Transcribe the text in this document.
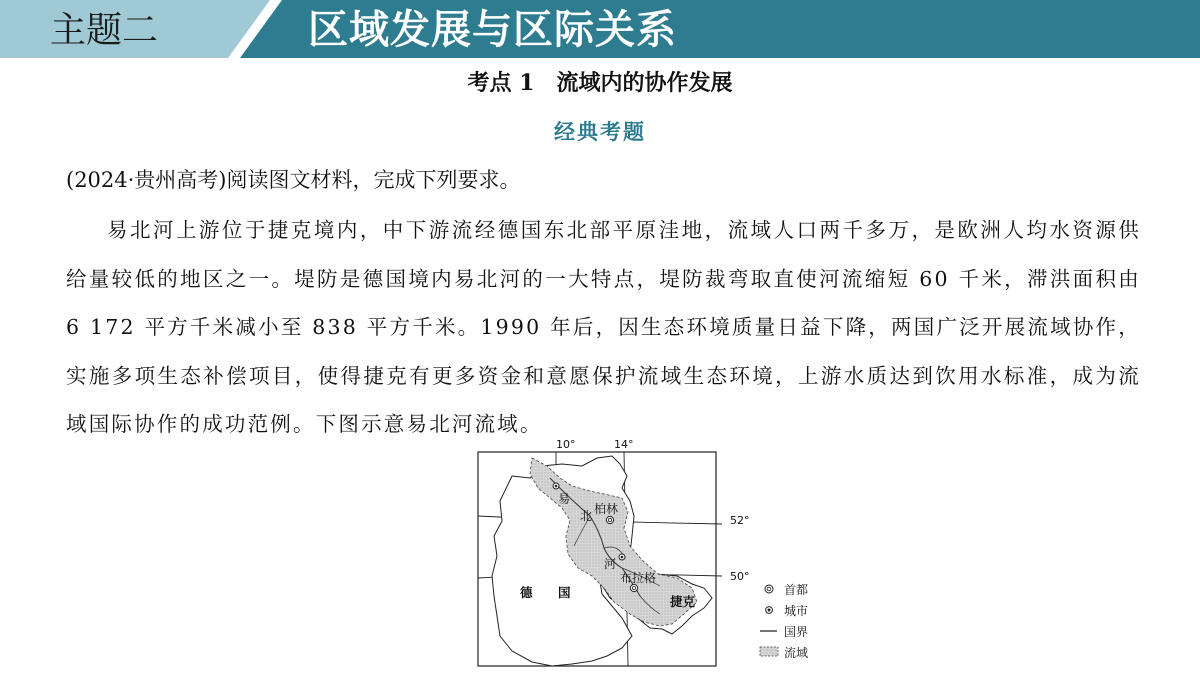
主题二	区域发展与区际关系
考点 1 流域内的协作发展
经典考题
(2024·贵州高考)阅读图文材料，完成下列要求。
易北河上游位于捷克境内，中下游流经德国东北部平原洼地，流域人口两千多万，是欧洲人均水资源供给量较低的地区之一。堤防是德国境内易北河的一大特点，堤防裁弯取直使河流缩短 60 千米，滞洪面积由 6 172 平方千米减小至 838 平方千米。1990 年后，因生态环境质量日益下降，两国广泛开展流域协作，实施多项生态补偿项目，使得捷克有更多资金和意愿保护流域生态环境，上游水质达到饮用水标准，成为流域国际协作的成功范例。下图示意易北河流域。
10°	14°
52°
50°
易
北
河
柏林
布拉格
德 国
捷克
首都
城市
国界
流域
